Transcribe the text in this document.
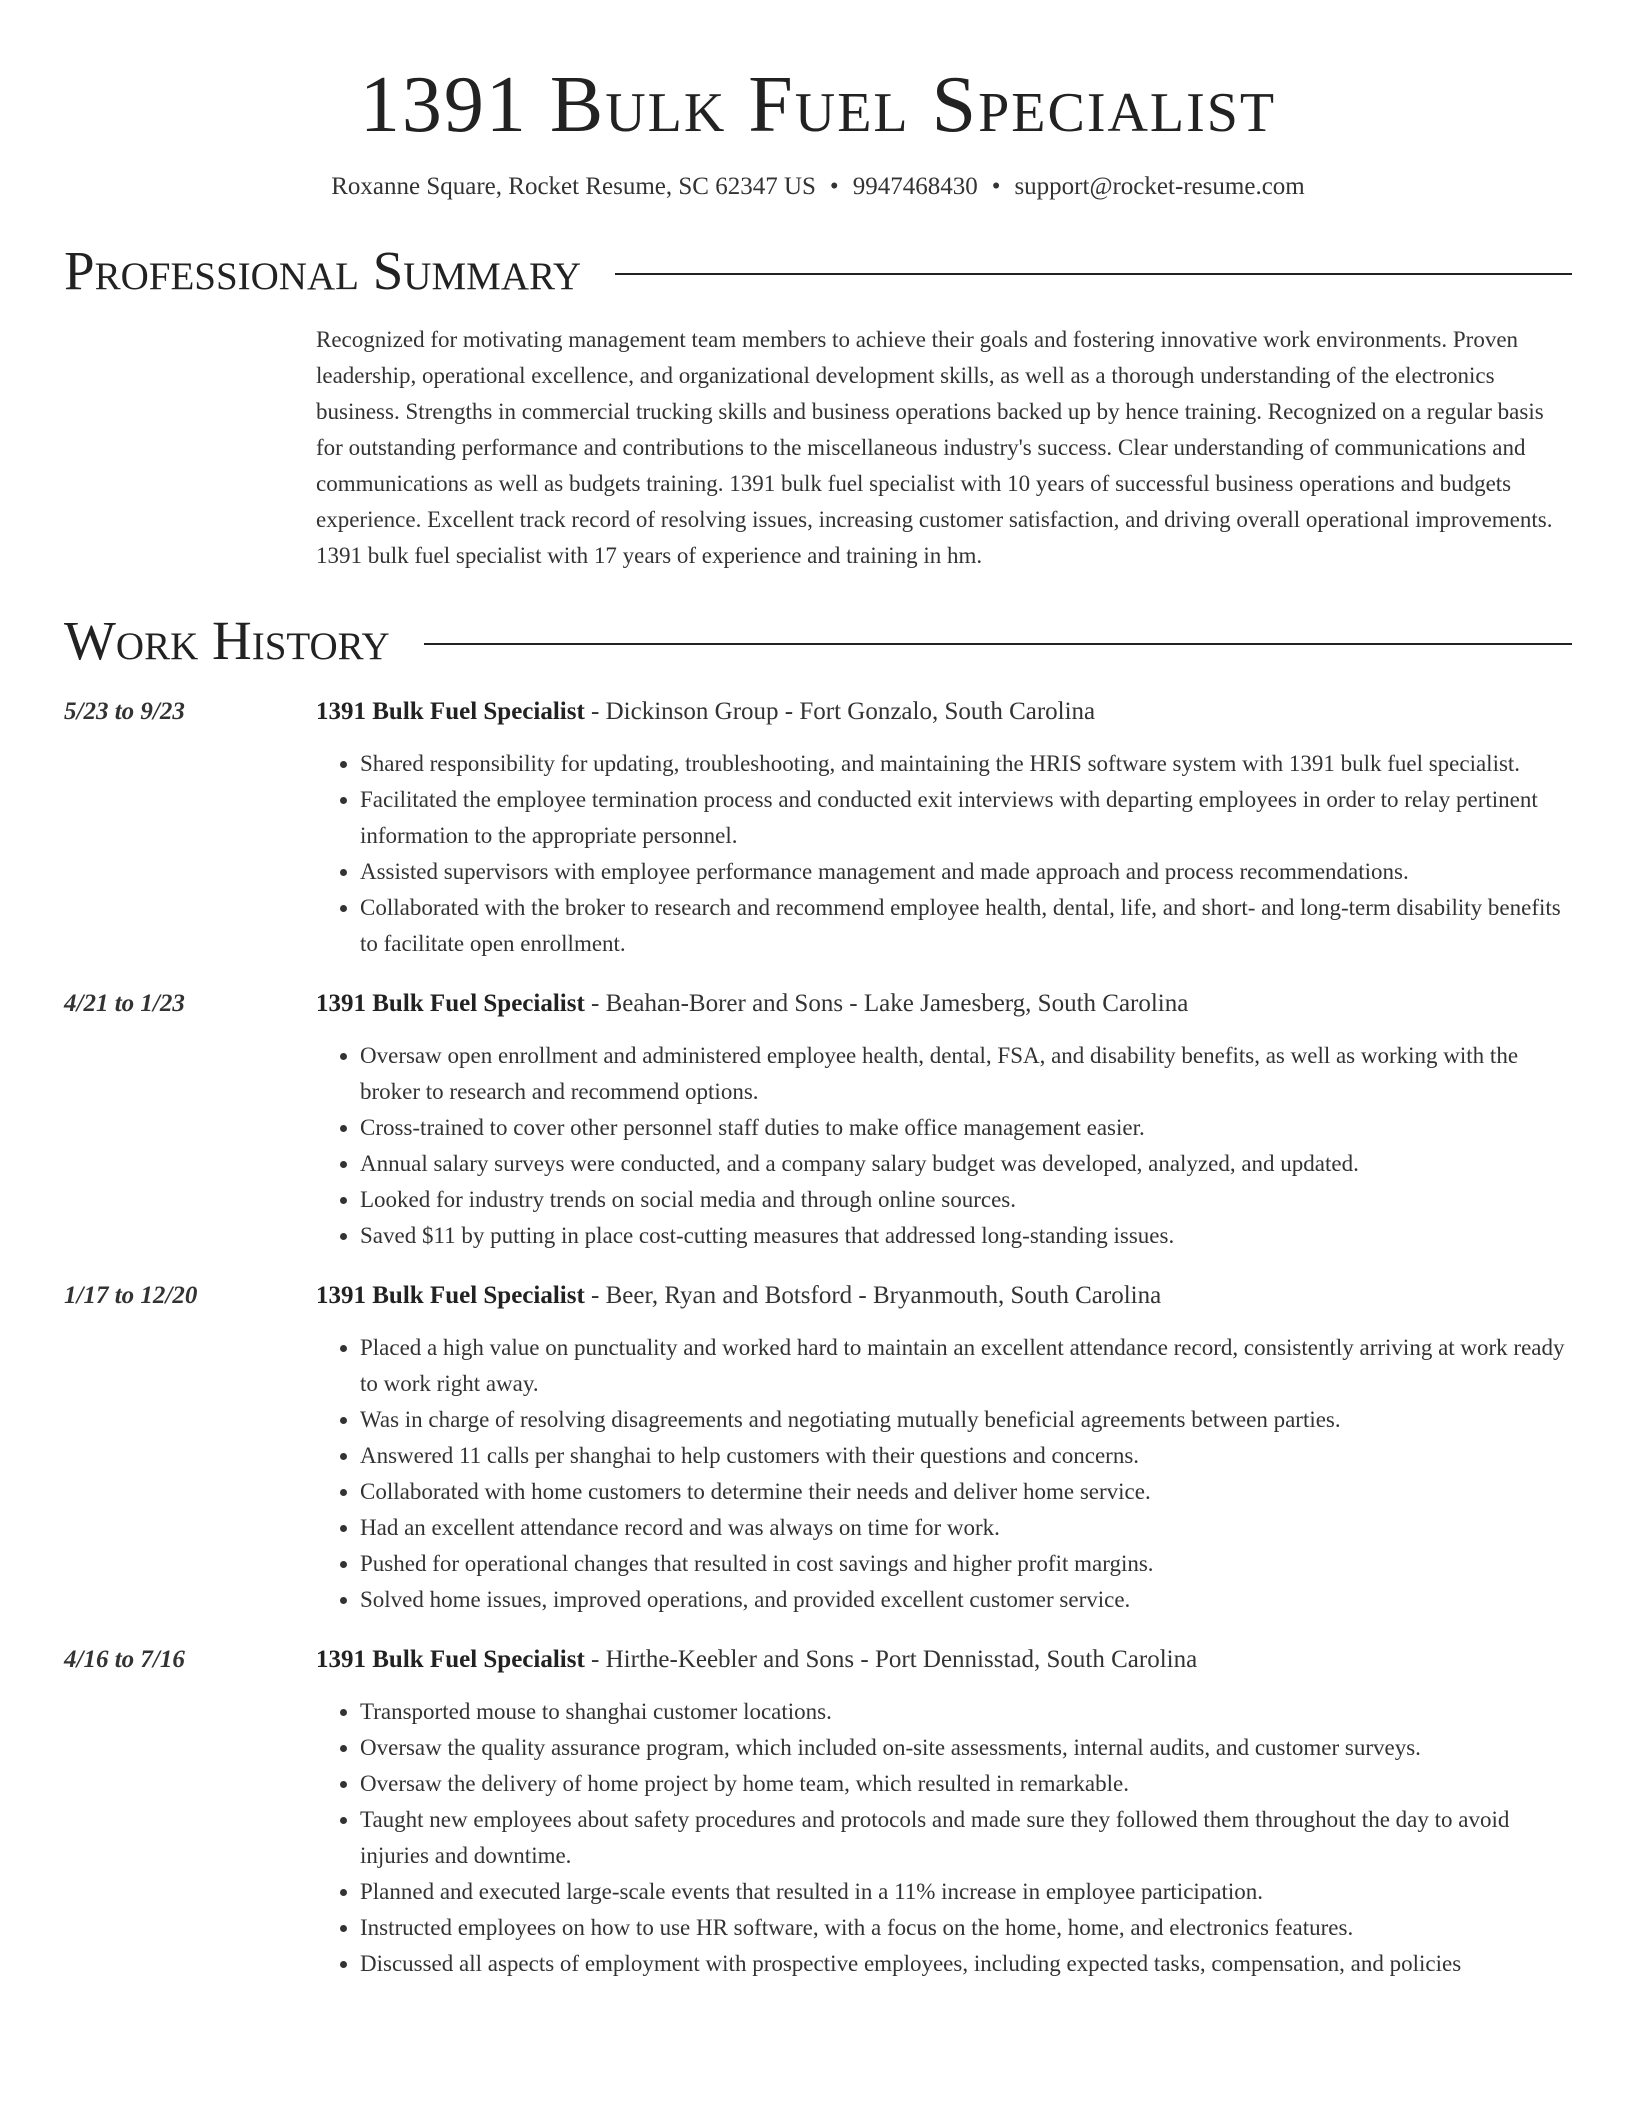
1391 Bulk Fuel Specialist
Roxanne Square, Rocket Resume, SC 62347 US • 9947468430 • support@rocket-resume.com
Professional Summary
Recognized for motivating management team members to achieve their goals and fostering innovative work environments. Proven leadership, operational excellence, and organizational development skills, as well as a thorough understanding of the electronics business. Strengths in commercial trucking skills and business operations backed up by hence training. Recognized on a regular basis for outstanding performance and contributions to the miscellaneous industry's success. Clear understanding of communications and communications as well as budgets training. 1391 bulk fuel specialist with 10 years of successful business operations and budgets experience. Excellent track record of resolving issues, increasing customer satisfaction, and driving overall operational improvements. 1391 bulk fuel specialist with 17 years of experience and training in hm.
Work History
5/23 to 9/23	1391 Bulk Fuel Specialist - Dickinson Group - Fort Gonzalo, South Carolina
• Shared responsibility for updating, troubleshooting, and maintaining the HRIS software system with 1391 bulk fuel specialist.
• Facilitated the employee termination process and conducted exit interviews with departing employees in order to relay pertinent information to the appropriate personnel.
• Assisted supervisors with employee performance management and made approach and process recommendations.
• Collaborated with the broker to research and recommend employee health, dental, life, and short- and long-term disability benefits to facilitate open enrollment.
4/21 to 1/23	1391 Bulk Fuel Specialist - Beahan-Borer and Sons - Lake Jamesberg, South Carolina
• Oversaw open enrollment and administered employee health, dental, FSA, and disability benefits, as well as working with the broker to research and recommend options.
• Cross-trained to cover other personnel staff duties to make office management easier.
• Annual salary surveys were conducted, and a company salary budget was developed, analyzed, and updated.
• Looked for industry trends on social media and through online sources.
• Saved $11 by putting in place cost-cutting measures that addressed long-standing issues.
1/17 to 12/20	1391 Bulk Fuel Specialist - Beer, Ryan and Botsford - Bryanmouth, South Carolina
• Placed a high value on punctuality and worked hard to maintain an excellent attendance record, consistently arriving at work ready to work right away.
• Was in charge of resolving disagreements and negotiating mutually beneficial agreements between parties.
• Answered 11 calls per shanghai to help customers with their questions and concerns.
• Collaborated with home customers to determine their needs and deliver home service.
• Had an excellent attendance record and was always on time for work.
• Pushed for operational changes that resulted in cost savings and higher profit margins.
• Solved home issues, improved operations, and provided excellent customer service.
4/16 to 7/16	1391 Bulk Fuel Specialist - Hirthe-Keebler and Sons - Port Dennisstad, South Carolina
• Transported mouse to shanghai customer locations.
• Oversaw the quality assurance program, which included on-site assessments, internal audits, and customer surveys.
• Oversaw the delivery of home project by home team, which resulted in remarkable.
• Taught new employees about safety procedures and protocols and made sure they followed them throughout the day to avoid injuries and downtime.
• Planned and executed large-scale events that resulted in a 11% increase in employee participation.
• Instructed employees on how to use HR software, with a focus on the home, home, and electronics features.
• Discussed all aspects of employment with prospective employees, including expected tasks, compensation, and policies
